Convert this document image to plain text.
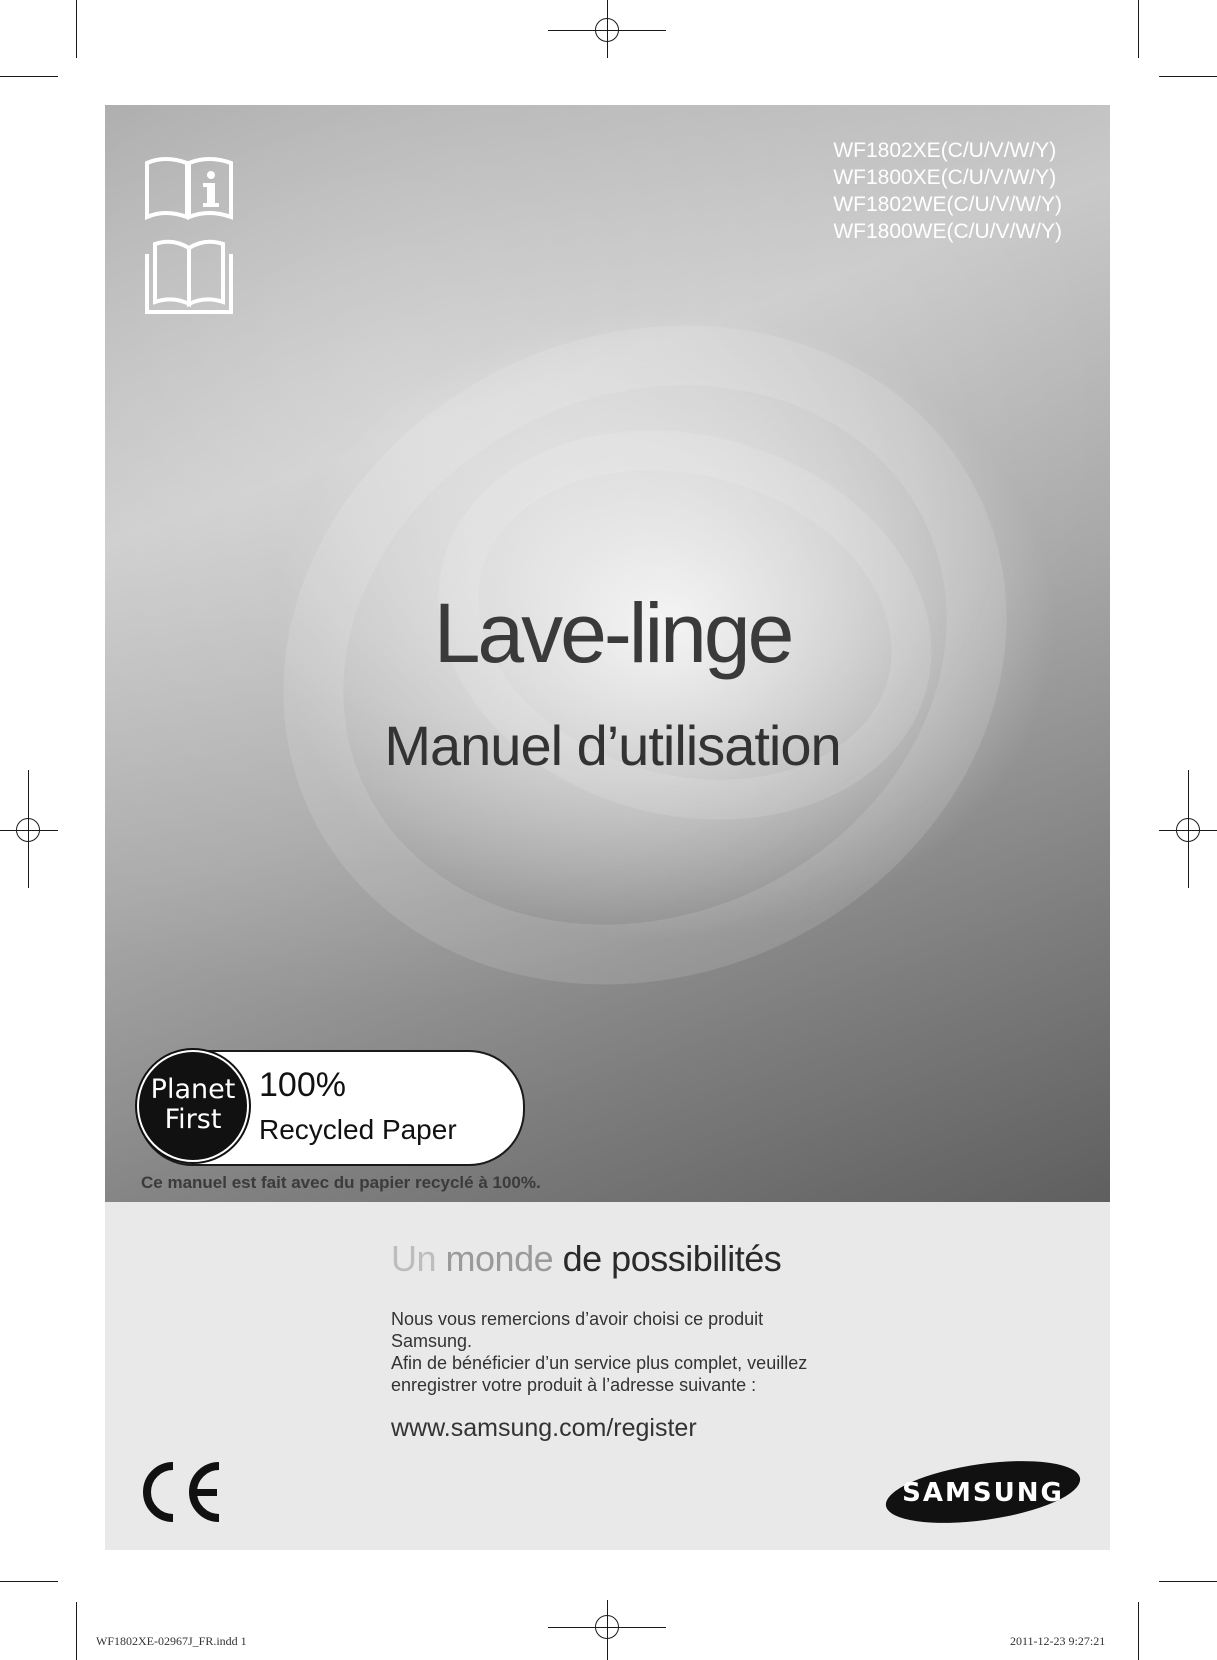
WF1802XE(C/U/V/W/Y)
WF1800XE(C/U/V/W/Y)
WF1802WE(C/U/V/W/Y)
WF1800WE(C/U/V/W/Y)
Lave-linge
Manuel d’utilisation
Planet
First
100%
Recycled Paper
Ce manuel est fait avec du papier recyclé à 100%.
Un monde de possibilités

Nous vous remercions d’avoir choisi ce produit Samsung.

Afin de bénéficier d’un service plus complet, veuillez enregistrer votre produit à l’adresse suivante :

www.samsung.com/register
SAMSUNG
WF1802XE-02967J_FR.indd 1	2011-12-23 9:27:21
